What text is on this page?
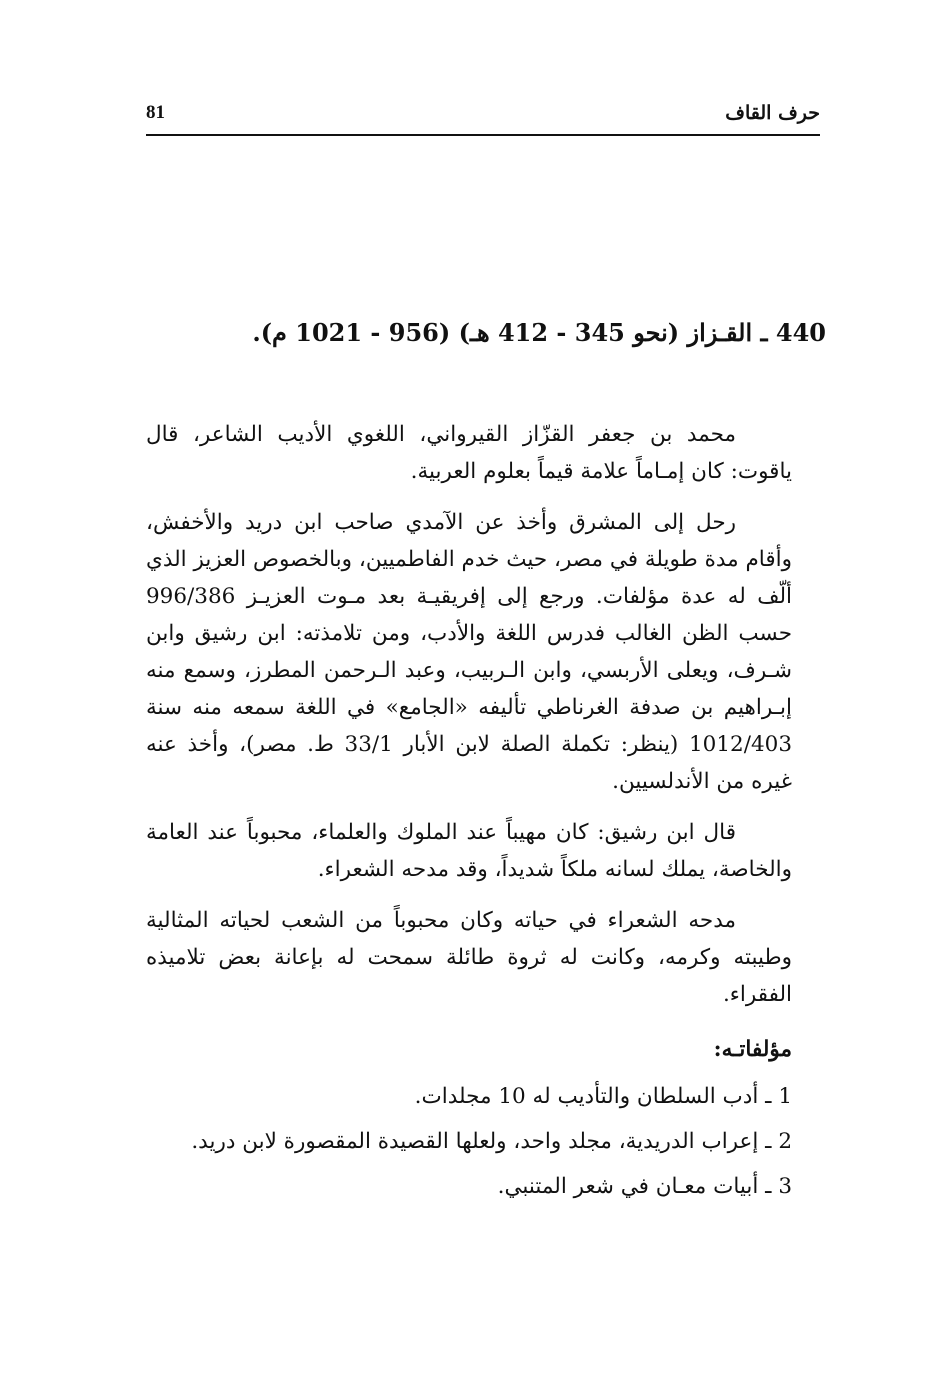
حرف القاف
81
440 ـ القـزاز (نحو 345 - 412 هـ) (956 - 1021 م).

محمد بن جعفر القزّاز القيرواني، اللغوي الأديب الشاعر، قال ياقوت: كان إمـاماً علامة قيماً بعلوم العربية.

رحل إلى المشرق وأخذ عن الآمدي صاحب ابن دريد والأخفش، وأقام مدة طويلة في مصر، حيث خدم الفاطميين، وبالخصوص العزيز الذي ألّف له عدة مؤلفات. ورجع إلى إفريقيـة بعد مـوت العزيـز 996/386 حسب الظن الغالب فدرس اللغة والأدب، ومن تلامذته: ابن رشيق وابن شـرف، ويعلى الأربسي، وابن الـربيب، وعبد الـرحمن المطرز، وسمع منه إبـراهيم بن صدفة الغرناطي تأليفه «الجامع» في اللغة سمعه منه سنة 1012/403 (ينظر: تكملة الصلة لابن الأبار 33/1 ط. مصر)، وأخذ عنه غيره من الأندلسيين.

قال ابن رشيق: كان مهيباً عند الملوك والعلماء، محبوباً عند العامة والخاصة، يملك لسانه ملكاً شديداً، وقد مدحه الشعراء.

مدحه الشعراء في حياته وكان محبوباً من الشعب لحياته المثالية وطيبته وكرمه، وكانت له ثروة طائلة سمحت له بإعانة بعض تلاميذه الفقراء.

مؤلفاتـه:
1 ـ أدب السلطان والتأديب له 10 مجلدات.
2 ـ إعراب الدريدية، مجلد واحد، ولعلها القصيدة المقصورة لابن دريد.
3 ـ أبيات معـان في شعر المتنبي.
